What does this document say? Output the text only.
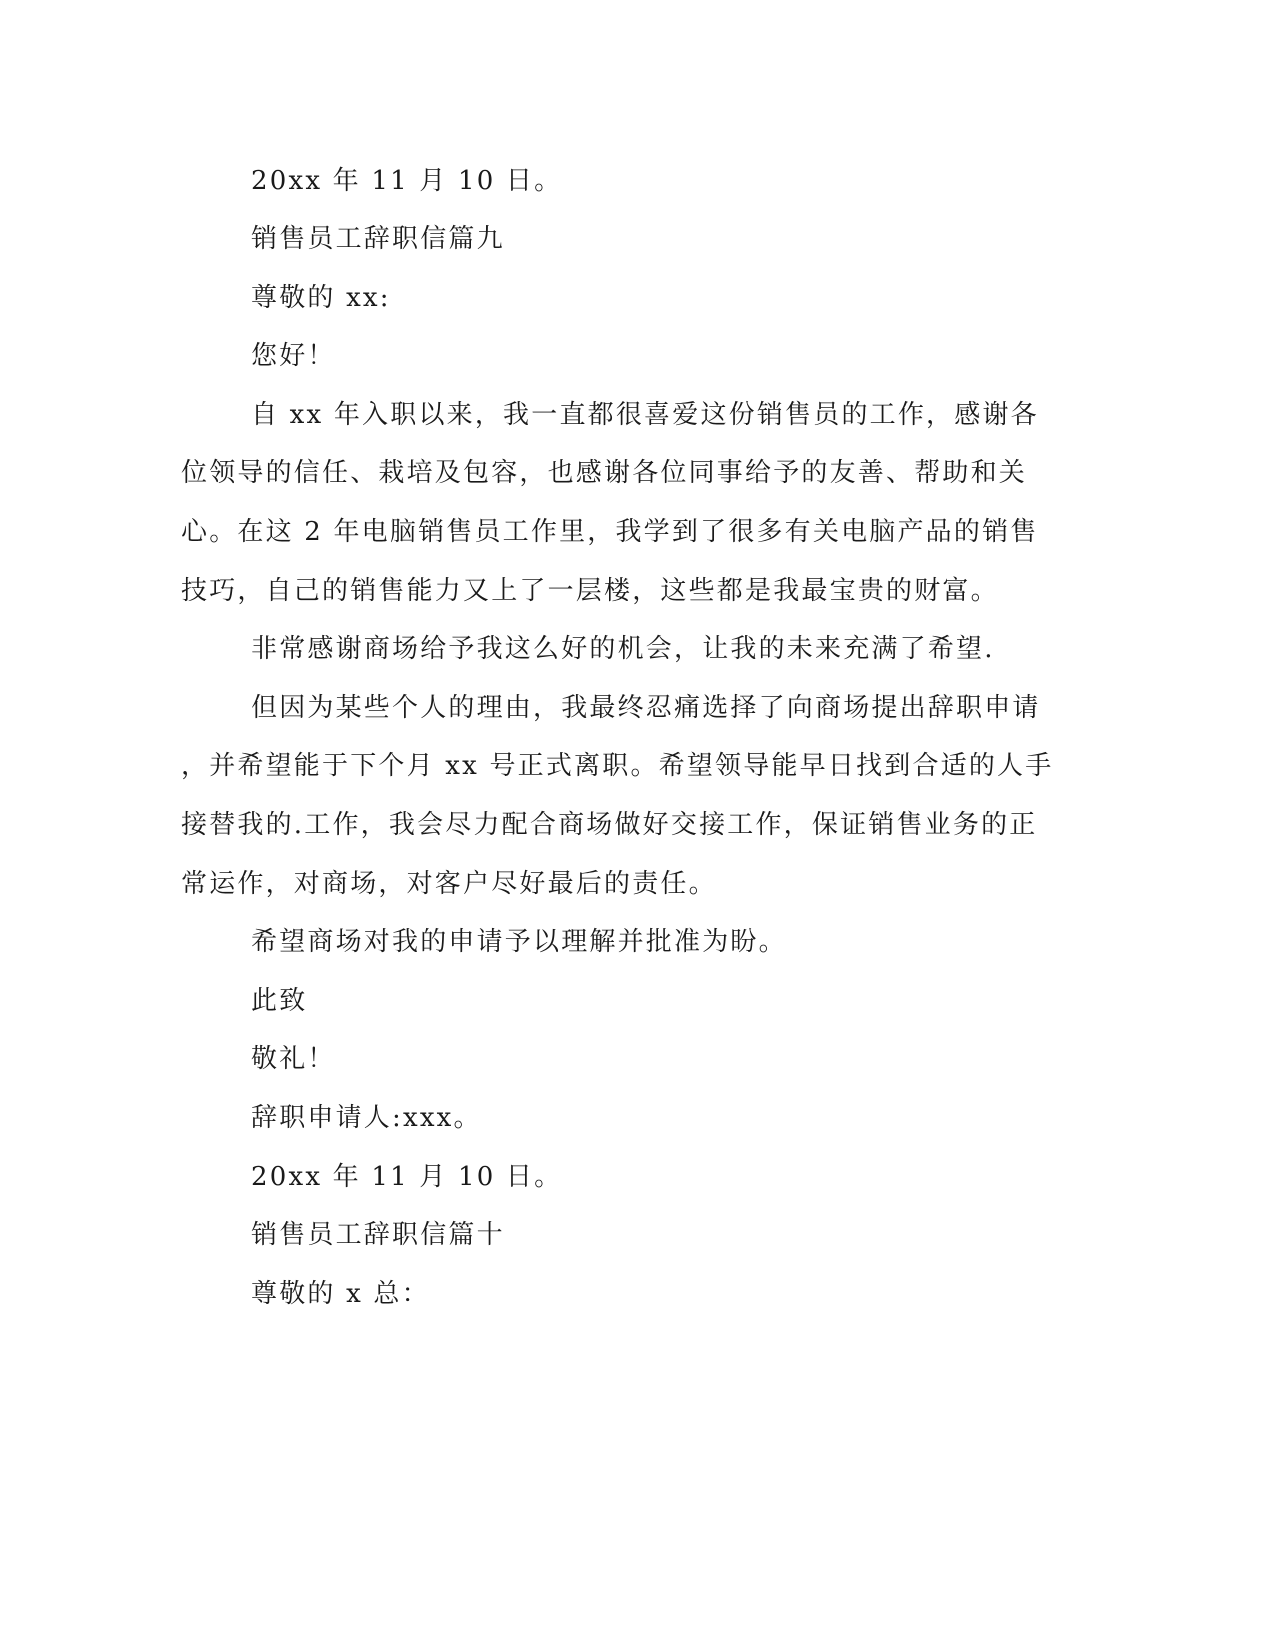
20xx 年 11 月 10 日。
销售员工辞职信篇九
尊敬的 xx:
您好！
自 xx 年入职以来，我一直都很喜爱这份销售员的工作，感谢各
位领导的信任、栽培及包容，也感谢各位同事给予的友善、帮助和关
心。在这 2 年电脑销售员工作里，我学到了很多有关电脑产品的销售
技巧，自己的销售能力又上了一层楼，这些都是我最宝贵的财富。
非常感谢商场给予我这么好的机会，让我的未来充满了希望.
但因为某些个人的理由，我最终忍痛选择了向商场提出辞职申请
，并希望能于下个月 xx 号正式离职。希望领导能早日找到合适的人手
接替我的.工作，我会尽力配合商场做好交接工作，保证销售业务的正
常运作，对商场，对客户尽好最后的责任。
希望商场对我的申请予以理解并批准为盼。
此致
敬礼！
辞职申请人:xxx。
20xx 年 11 月 10 日。
销售员工辞职信篇十
尊敬的 x 总：
